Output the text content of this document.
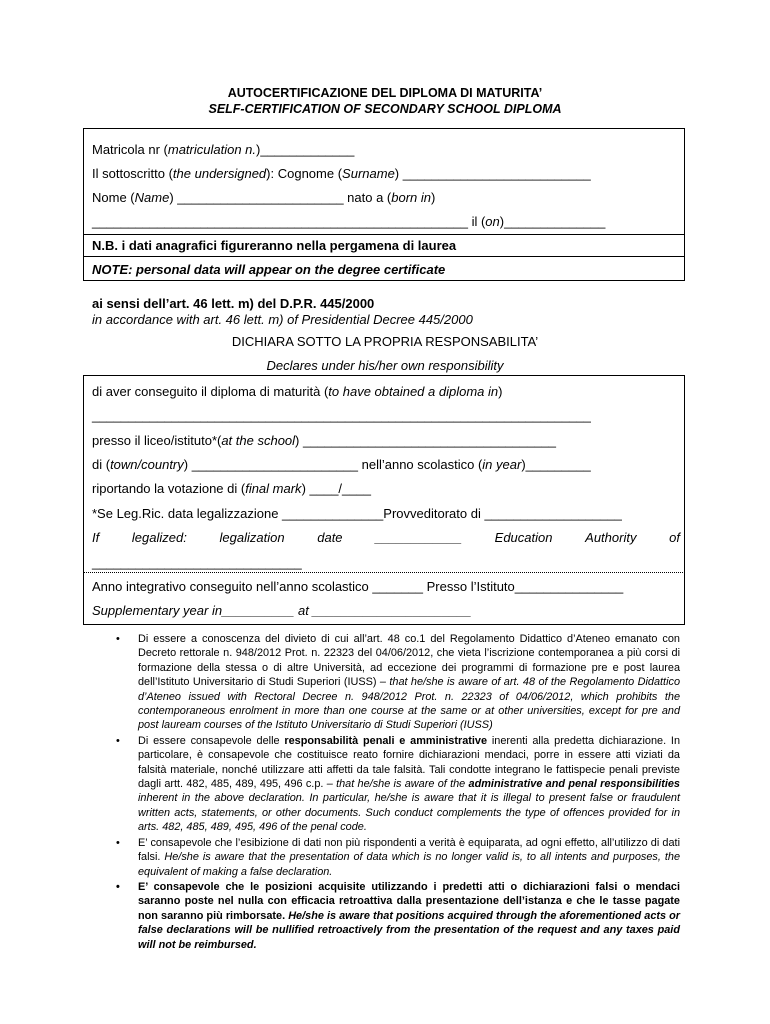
AUTOCERTIFICAZIONE DEL DIPLOMA DI MATURITA’
SELF-CERTIFICATION OF SECONDARY SCHOOL DIPLOMA
Matricola nr (matriculation n.)_____________
Il sottoscritto (the undersigned): Cognome (Surname) __________________________
Nome (Name) _______________________ nato a (born in)
____________________________________________________ il (on)______________
N.B. i dati anagrafici figureranno nella pergamena di laurea
NOTE: personal data will appear on the degree certificate
ai sensi dell’art. 46 lett. m) del D.P.R. 445/2000
in accordance with art. 46 lett. m) of Presidential Decree 445/2000
DICHIARA SOTTO LA PROPRIA RESPONSABILITA’
Declares under his/her own responsibility
di aver conseguito il diploma di maturità (to have obtained a diploma in)
_____________________________________________________________________
presso il liceo/istituto*(at the school) ___________________________________
di (town/country) _______________________ nell’anno scolastico (in year)_________
riportando la votazione di (final mark) ____/____
*Se Leg.Ric. data legalizzazione ______________Provveditorato di ___________________
If	legalized:	legalization	date	____________	Education	Authority	of
_____________________________
Anno integrativo conseguito nell’anno scolastico _______ Presso l’Istituto_______________
Supplementary year in__________ at ______________________
• Di essere a conoscenza del divieto di cui all’art. 48 co.1 del Regolamento Didattico d’Ateneo emanato con Decreto rettorale n. 948/2012 Prot. n. 22323 del 04/06/2012, che vieta l’iscrizione contemporanea a più corsi di formazione della stessa o di altre Università, ad eccezione dei programmi di formazione pre e post laurea dell’Istituto Universitario di Studi Superiori (IUSS) – that he/she is aware of art. 48 of the Regolamento Didattico d’Ateneo issued with Rectoral Decree n. 948/2012 Prot. n. 22323 of 04/06/2012, which prohibits the contemporaneous enrolment in more than one course at the same or at other universities, except for pre and post lauream courses of the Istituto Universitario di Studi Superiori (IUSS)
• Di essere consapevole delle responsabilità penali e amministrative inerenti alla predetta dichiarazione. In particolare, è consapevole che costituisce reato fornire dichiarazioni mendaci, porre in essere atti viziati da falsità materiale, nonché utilizzare atti affetti da tale falsità. Tali condotte integrano le fattispecie penali previste dagli artt. 482, 485, 489, 495, 496 c.p. – that he/she is aware of the administrative and penal responsibilities inherent in the above declaration. In particular, he/she is aware that it is illegal to present false or fraudulent written acts, statements, or other documents. Such conduct complements the type of offences provided for in arts. 482, 485, 489, 495, 496 of the penal code.
• E’ consapevole che l’esibizione di dati non più rispondenti a verità è equiparata, ad ogni effetto, all’utilizzo di dati falsi. He/she is aware that the presentation of data which is no longer valid is, to all intents and purposes, the equivalent of making a false declaration.
• E’ consapevole che le posizioni acquisite utilizzando i predetti atti o dichiarazioni falsi o mendaci saranno poste nel nulla con efficacia retroattiva dalla presentazione dell’istanza e che le tasse pagate non saranno più rimborsate. He/she is aware that positions acquired through the aforementioned acts or false declarations will be nullified retroactively from the presentation of the request and any taxes paid will not be reimbursed.
